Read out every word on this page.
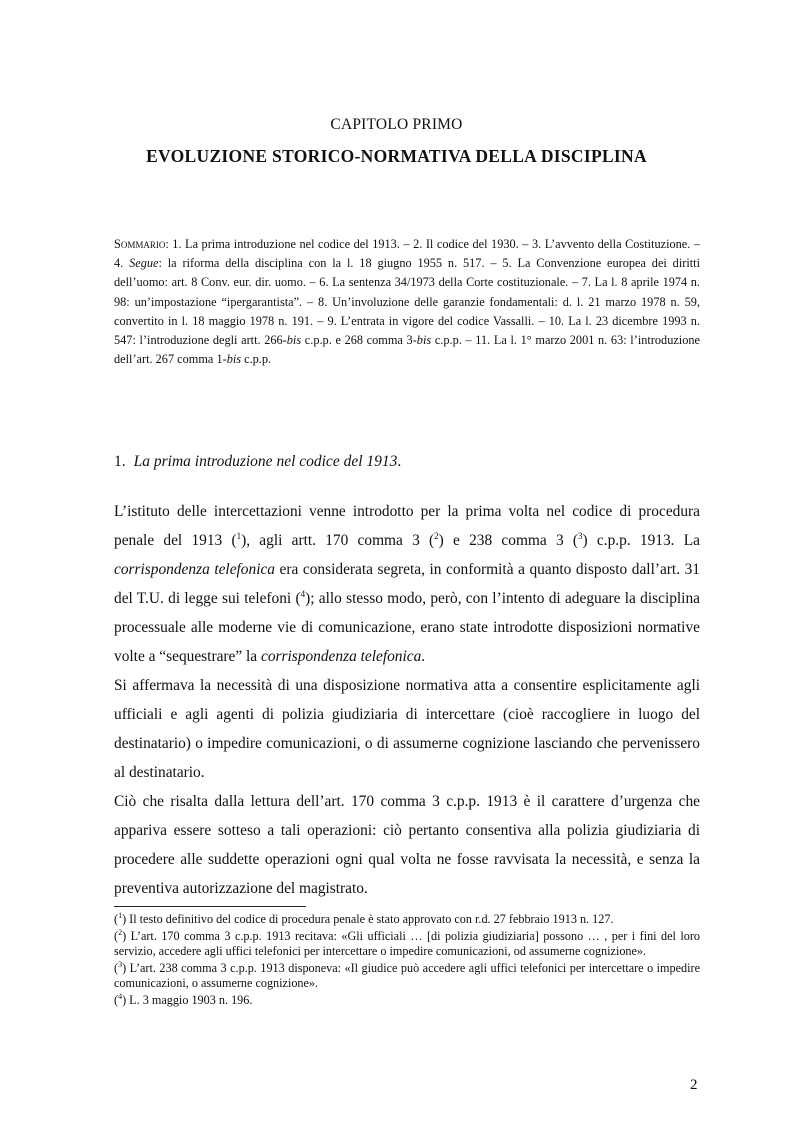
CAPITOLO PRIMO
EVOLUZIONE STORICO-NORMATIVA DELLA DISCIPLINA
Sommario: 1. La prima introduzione nel codice del 1913. – 2. Il codice del 1930. – 3. L’avvento della Costituzione. – 4. Segue: la riforma della disciplina con la l. 18 giugno 1955 n. 517. – 5. La Convenzione europea dei diritti dell’uomo: art. 8 Conv. eur. dir. uomo. – 6. La sentenza 34/1973 della Corte costituzionale. – 7. La l. 8 aprile 1974 n. 98: un’impostazione “ipergarantista”. – 8. Un’involuzione delle garanzie fondamentali: d. l. 21 marzo 1978 n. 59, convertito in l. 18 maggio 1978 n. 191. – 9. L’entrata in vigore del codice Vassalli. – 10. La l. 23 dicembre 1993 n. 547: l’introduzione degli artt. 266-bis c.p.p. e 268 comma 3-bis c.p.p. – 11. La l. 1° marzo 2001 n. 63: l’introduzione dell’art. 267 comma 1-bis c.p.p.
1. La prima introduzione nel codice del 1913.

L’istituto delle intercettazioni venne introdotto per la prima volta nel codice di procedura penale del 1913 ($^1$), agli artt. 170 comma 3 ($^2$) e 238 comma 3 ($^3$) c.p.p. 1913. La corrispondenza telefonica era considerata segreta, in conformità a quanto disposto dall’art. 31 del T.U. di legge sui telefoni ($^4$); allo stesso modo, però, con l’intento di adeguare la disciplina processuale alle moderne vie di comunicazione, erano state introdotte disposizioni normative volte a “sequestrare” la corrispondenza telefonica.

Si affermava la necessità di una disposizione normativa atta a consentire esplicitamente agli ufficiali e agli agenti di polizia giudiziaria di intercettare (cioè raccogliere in luogo del destinatario) o impedire comunicazioni, o di assumerne cognizione lasciando che pervenissero al destinatario.

Ciò che risalta dalla lettura dell’art. 170 comma 3 c.p.p. 1913 è il carattere d’urgenza che appariva essere sotteso a tali operazioni: ciò pertanto consentiva alla polizia giudiziaria di procedere alle suddette operazioni ogni qual volta ne fosse ravvisata la necessità, e senza la preventiva autorizzazione del magistrato.

($^1$) Il testo definitivo del codice di procedura penale è stato approvato con r.d. 27 febbraio 1913 n. 127.

($^2$) L’art. 170 comma 3 c.p.p. 1913 recitava: «Gli ufficiali … [di polizia giudiziaria] possono … , per i fini del loro servizio, accedere agli uffici telefonici per intercettare o impedire comunicazioni, od assumerne cognizione».

($^3$) L’art. 238 comma 3 c.p.p. 1913 disponeva: «Il giudice può accedere agli uffici telefonici per intercettare o impedire comunicazioni, o assumerne cognizione».

($^4$) L. 3 maggio 1903 n. 196.

2
